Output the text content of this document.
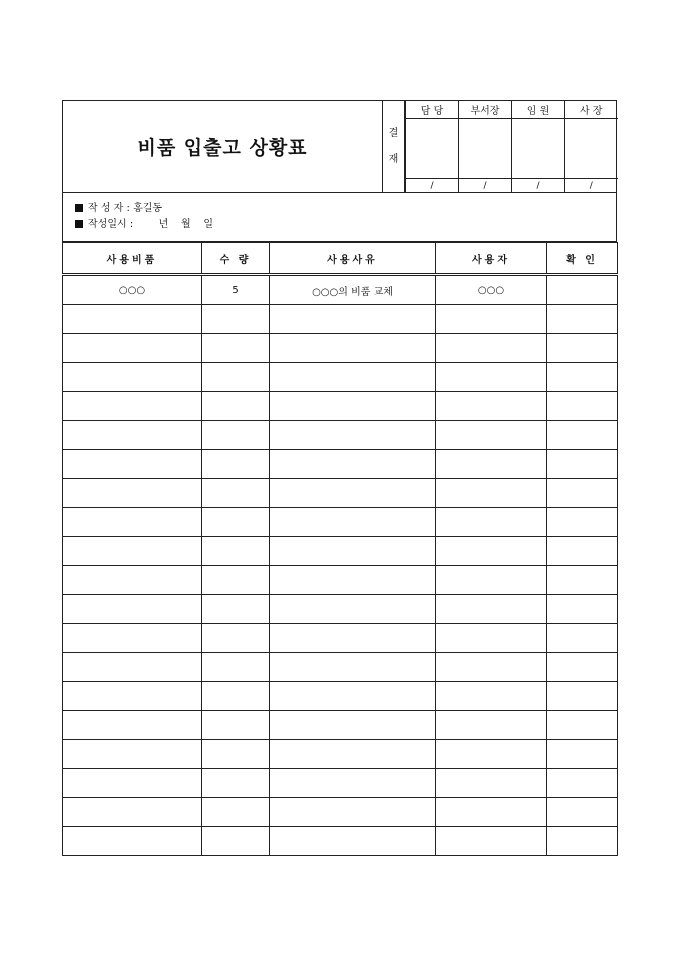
비품 입출고 상황표
결
재
담 당	부서장	임 원	사 장

/	/	/	/
작 성 자 : 홍길동
작성일시 :        년    월    일
사용비품	수 량	사용사유	사용자	확 인
○○○	5	○○○의 비품 교체	○○○	
